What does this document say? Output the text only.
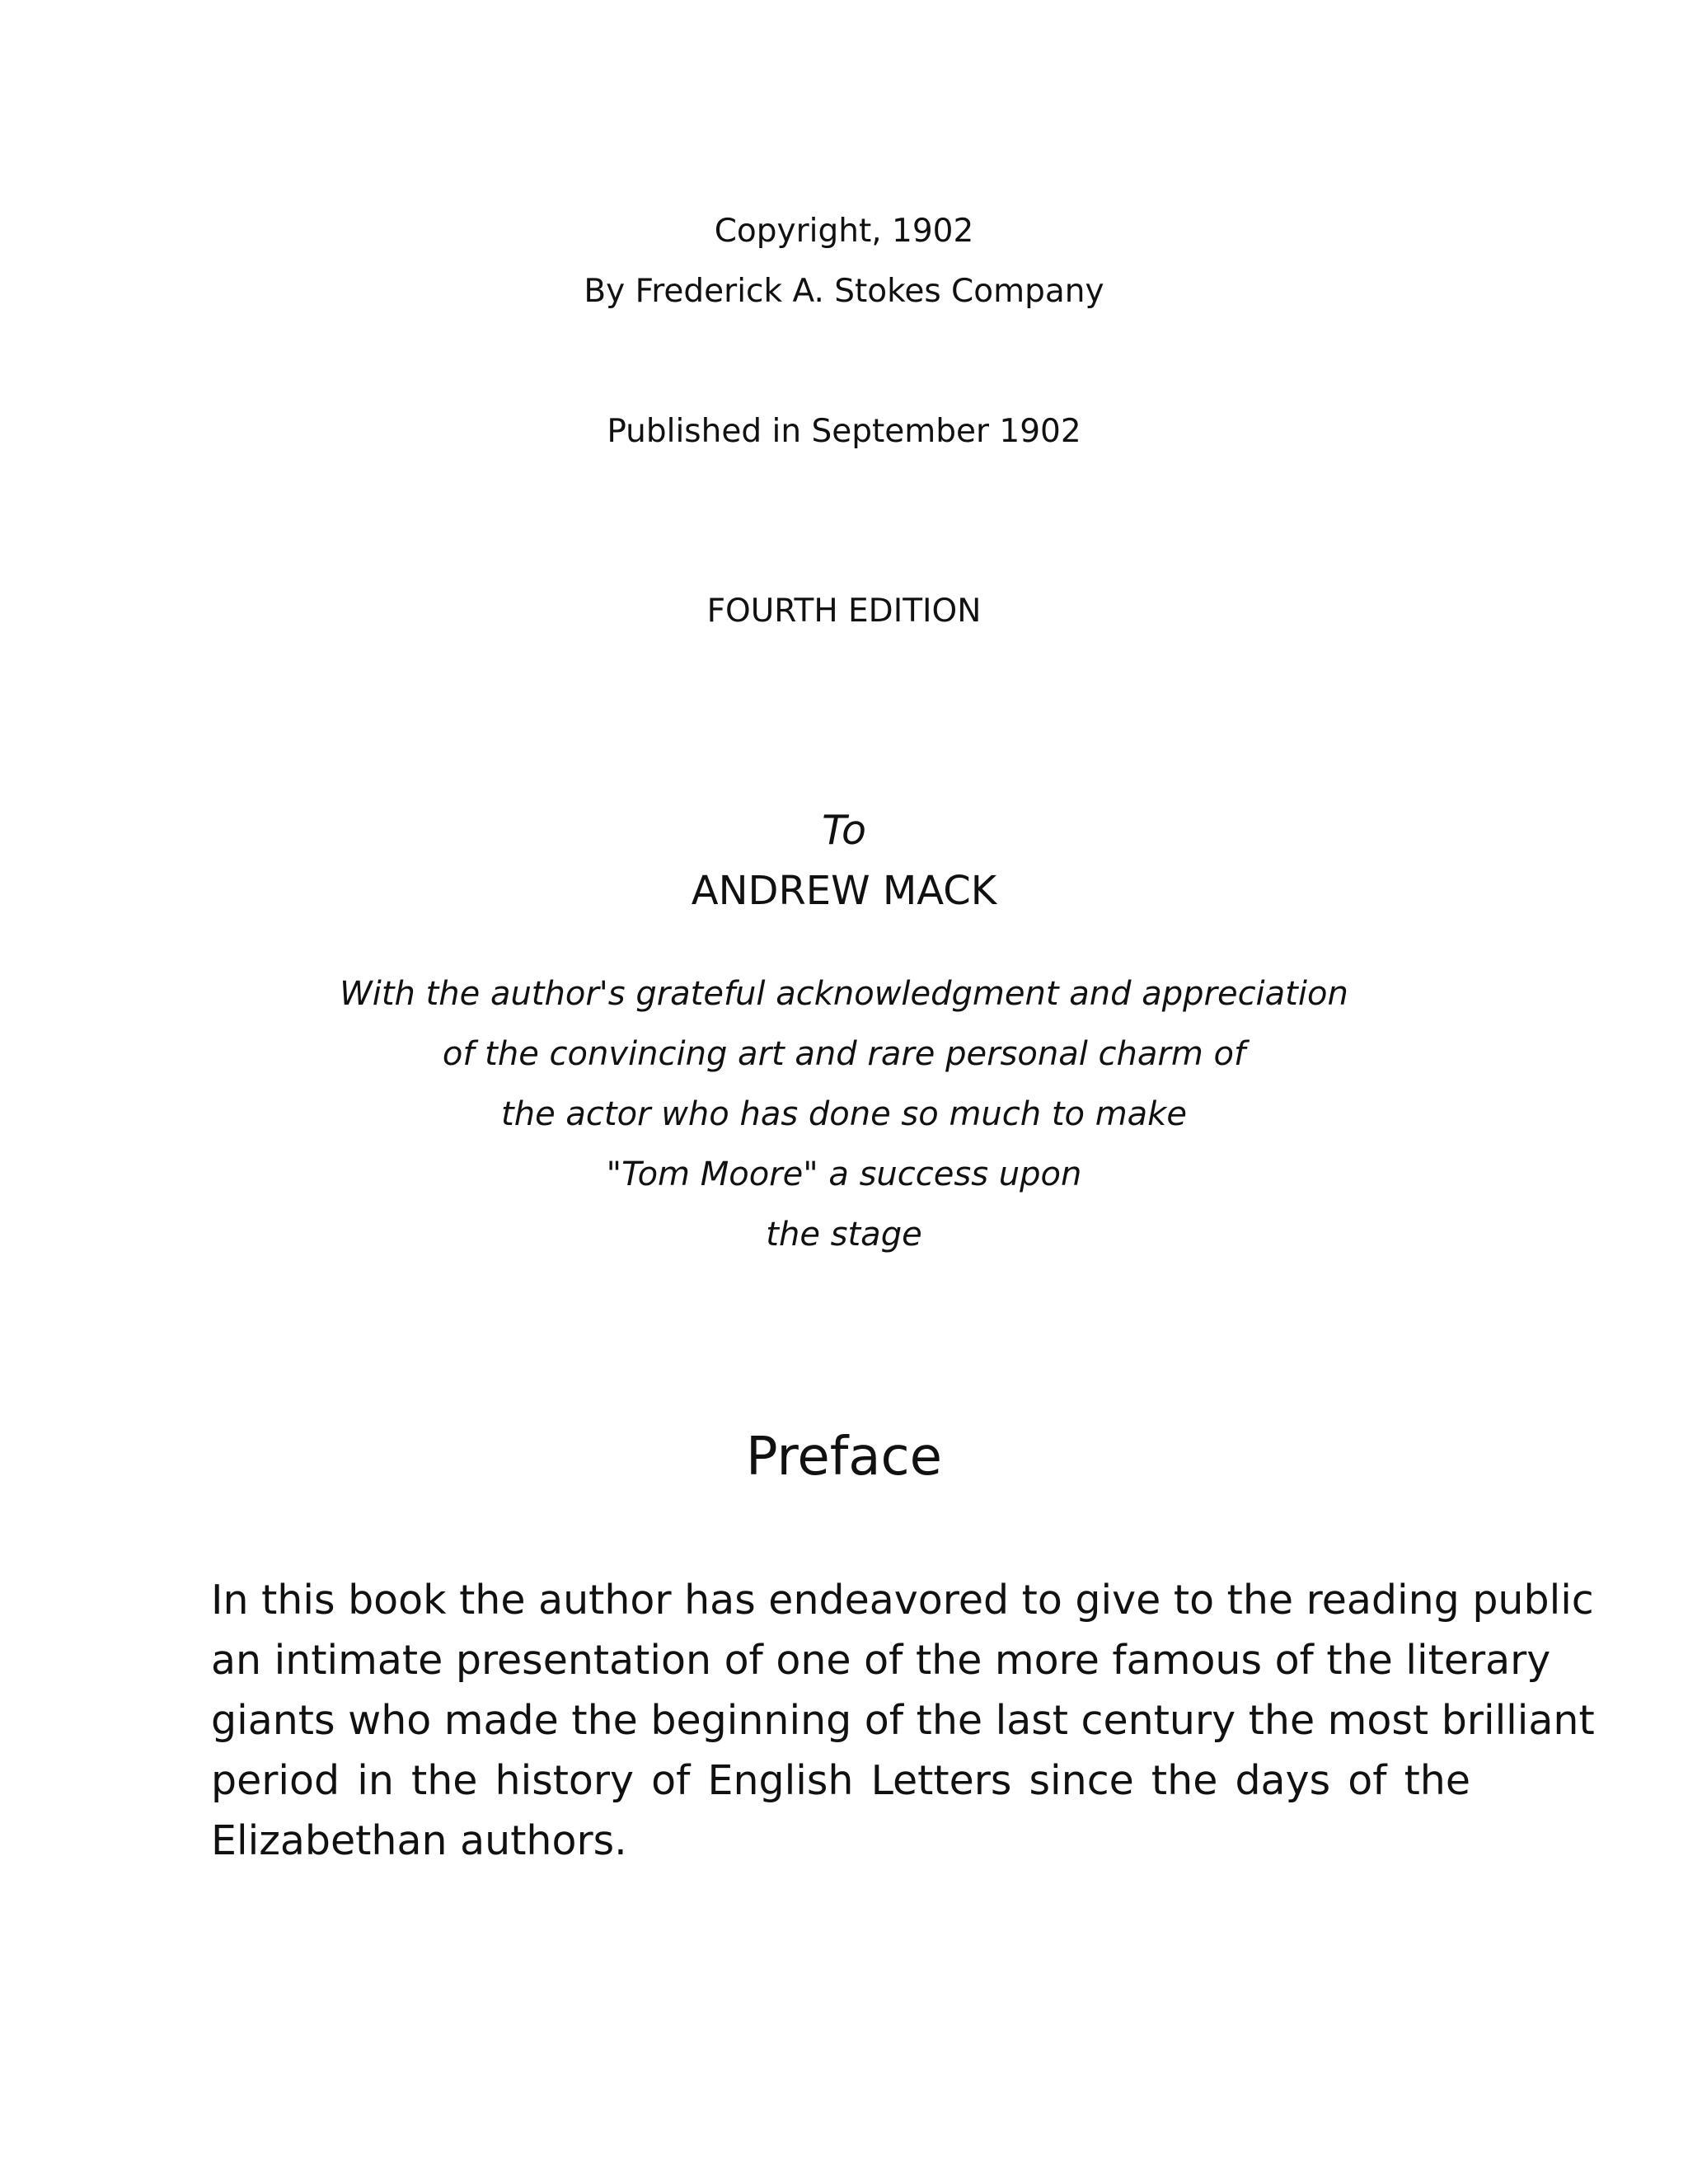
Copyright, 1902
By Frederick A. Stokes Company
Published in September 1902
FOURTH EDITION
To
ANDREW MACK
With the author's grateful acknowledgment and appreciation
of the convincing art and rare personal charm of
the actor who has done so much to make
"Tom Moore" a success upon
the stage
Preface
In this book the author has endeavored to give to the reading public
an intimate presentation of one of the more famous of the literary
giants who made the beginning of the last century the most brilliant
period in the history of English Letters since the days of the
Elizabethan authors.
